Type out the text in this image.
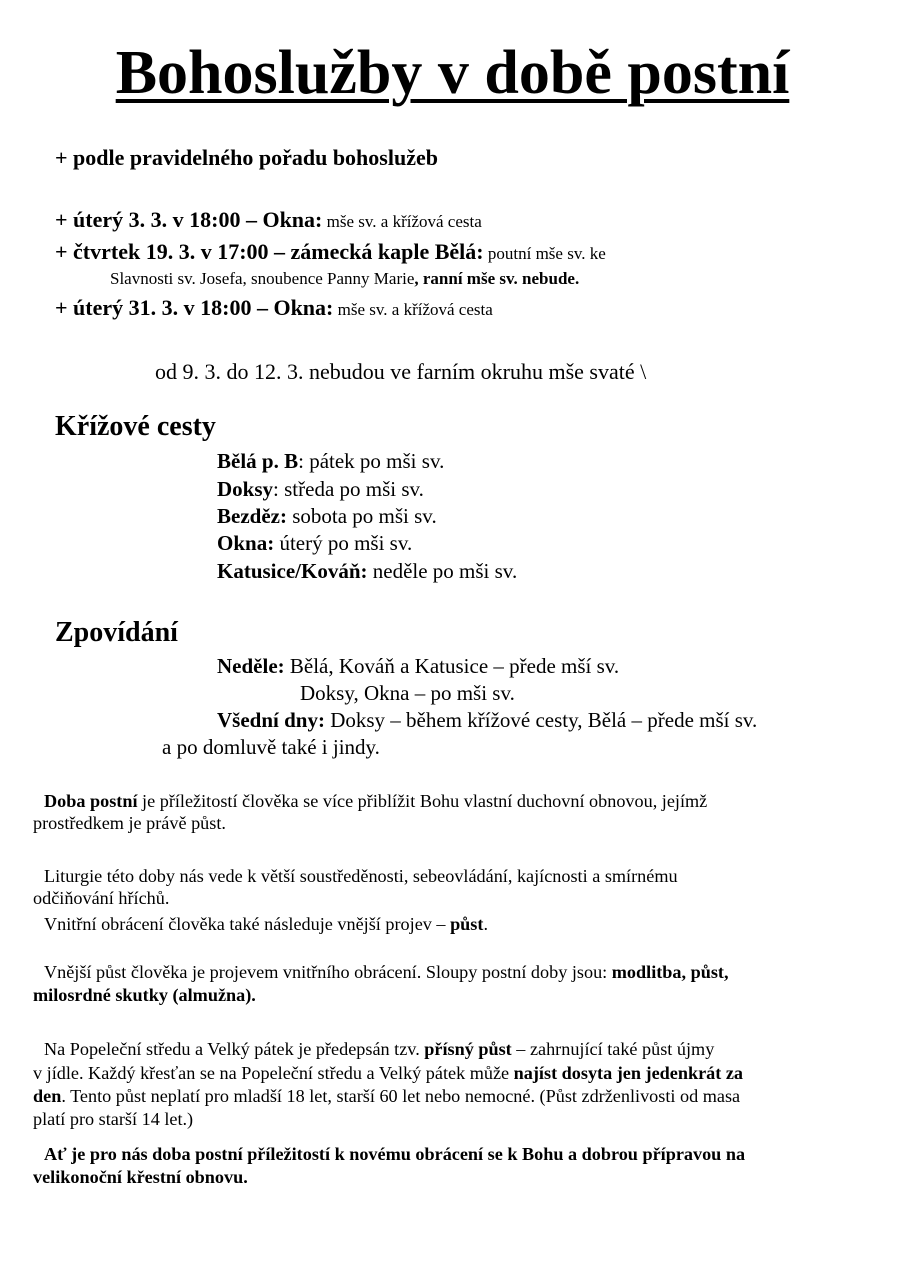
Bohoslužby v době postní
+ podle pravidelného pořadu bohoslužeb
+ úterý 3. 3. v 18:00 – Okna: mše sv. a křížová cesta
+ čtvrtek 19. 3. v 17:00 – zámecká kaple Bělá: poutní mše sv. ke
Slavnosti sv. Josefa, snoubence Panny Marie, ranní mše sv. nebude.
+ úterý 31. 3. v 18:00 – Okna: mše sv. a křížová cesta
od 9. 3. do 12. 3. nebudou ve farním okruhu mše svaté \
Křížové cesty
Bělá p. B: pátek po mši sv.
Doksy: středa po mši sv.
Bezděz: sobota po mši sv.
Okna: úterý po mši sv.
Katusice/Kováň: neděle po mši sv.
Zpovídání
Neděle: Bělá, Kováň a Katusice – přede mší sv.
Doksy, Okna – po mši sv.
Všední dny: Doksy – během křížové cesty, Bělá – přede mší sv.
a po domluvě také i jindy.
Doba postní je příležitostí člověka se více přiblížit Bohu vlastní duchovní obnovou, jejímž
prostředkem je právě půst.
Liturgie této doby nás vede k větší soustředěnosti, sebeovládání, kajícnosti a smírnému
odčiňování hříchů.
Vnitřní obrácení člověka také následuje vnější projev – půst.
Vnější půst člověka je projevem vnitřního obrácení. Sloupy postní doby jsou: modlitba, půst,
milosrdné skutky (almužna).
Na Popeleční středu a Velký pátek je předepsán tzv. přísný půst – zahrnující také půst újmy
v jídle. Každý křesťan se na Popeleční středu a Velký pátek může najíst dosyta jen jedenkrát za
den. Tento půst neplatí pro mladší 18 let, starší 60 let nebo nemocné. (Půst zdrženlivosti od masa
platí pro starší 14 let.)
Ať je pro nás doba postní příležitostí k novému obrácení se k Bohu a dobrou přípravou na
velikonoční křestní obnovu.
